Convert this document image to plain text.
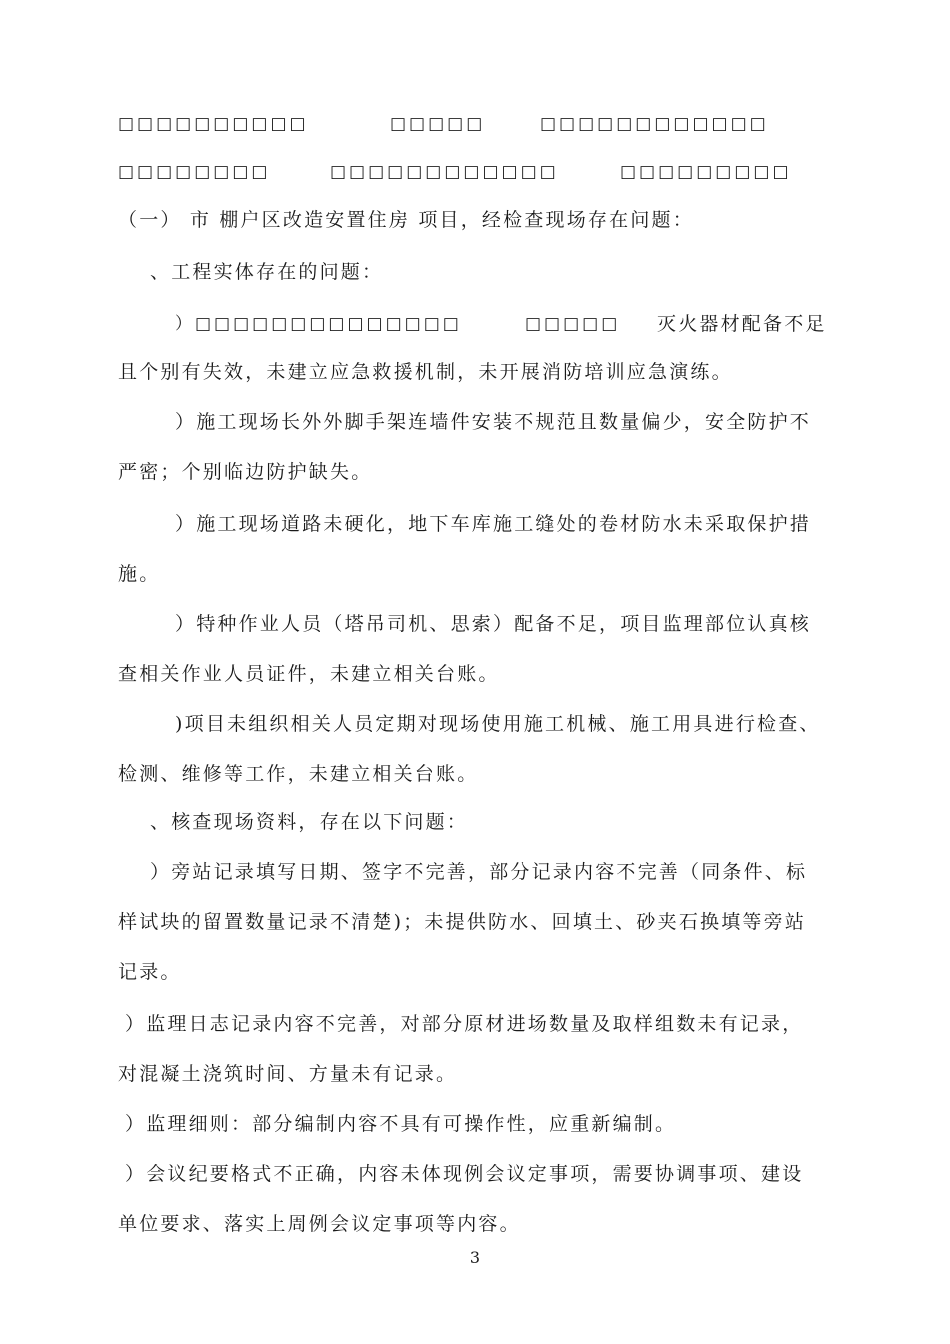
□□□□□□□□□□	□□□□□	□□□□□□□□□□□□
□□□□□□□□	□□□□□□□□□□□□	□□□□□□□□□
（一） 市 棚户区改造安置住房 项目，经检查现场存在问题：
、工程实体存在的问题：
）□□□□□□□□□□□□□□	□□□□□ 灭火器材配备不足
且个别有失效，未建立应急救援机制，未开展消防培训应急演练。
）施工现场长外外脚手架连墙件安装不规范且数量偏少，安全防护不
严密；个别临边防护缺失。
）施工现场道路未硬化，地下车库施工缝处的卷材防水未采取保护措
施。
）特种作业人员（塔吊司机、思索）配备不足，项目监理部位认真核
查相关作业人员证件，未建立相关台账。
)项目未组织相关人员定期对现场使用施工机械、施工用具进行检查、
检测、维修等工作，未建立相关台账。
、核查现场资料，存在以下问题：
）旁站记录填写日期、签字不完善，部分记录内容不完善（同条件、标
样试块的留置数量记录不清楚)；未提供防水、回填土、砂夹石换填等旁站
记录。
）监理日志记录内容不完善，对部分原材进场数量及取样组数未有记录，
对混凝土浇筑时间、方量未有记录。
）监理细则：部分编制内容不具有可操作性，应重新编制。
）会议纪要格式不正确，内容未体现例会议定事项，需要协调事项、建设
单位要求、落实上周例会议定事项等内容。
3
